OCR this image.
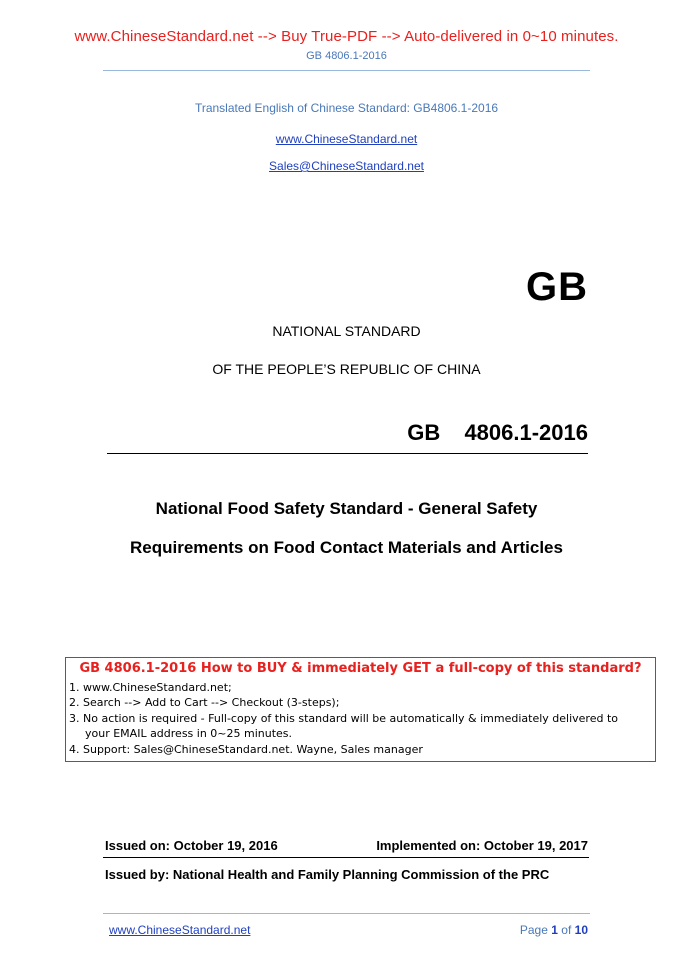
www.ChineseStandard.net --> Buy True-PDF --> Auto-delivered in 0~10 minutes.
GB 4806.1-2016
Translated English of Chinese Standard: GB4806.1-2016
www.ChineseStandard.net
Sales@ChineseStandard.net
GB
NATIONAL STANDARD
OF THE PEOPLE’S REPUBLIC OF CHINA
GB  4806.1-2016
National Food Safety Standard - General Safety
Requirements on Food Contact Materials and Articles
GB 4806.1-2016 How to BUY & immediately GET a full-copy of this standard?
1. www.ChineseStandard.net;
2. Search --> Add to Cart --> Checkout (3-steps);
3. No action is required - Full-copy of this standard will be automatically & immediately delivered to
your EMAIL address in 0~25 minutes.
4. Support: Sales@ChineseStandard.net. Wayne, Sales manager
Issued on: October 19, 2016	Implemented on: October 19, 2017
Issued by: National Health and Family Planning Commission of the PRC
www.ChineseStandard.net	Page 1 of 10
